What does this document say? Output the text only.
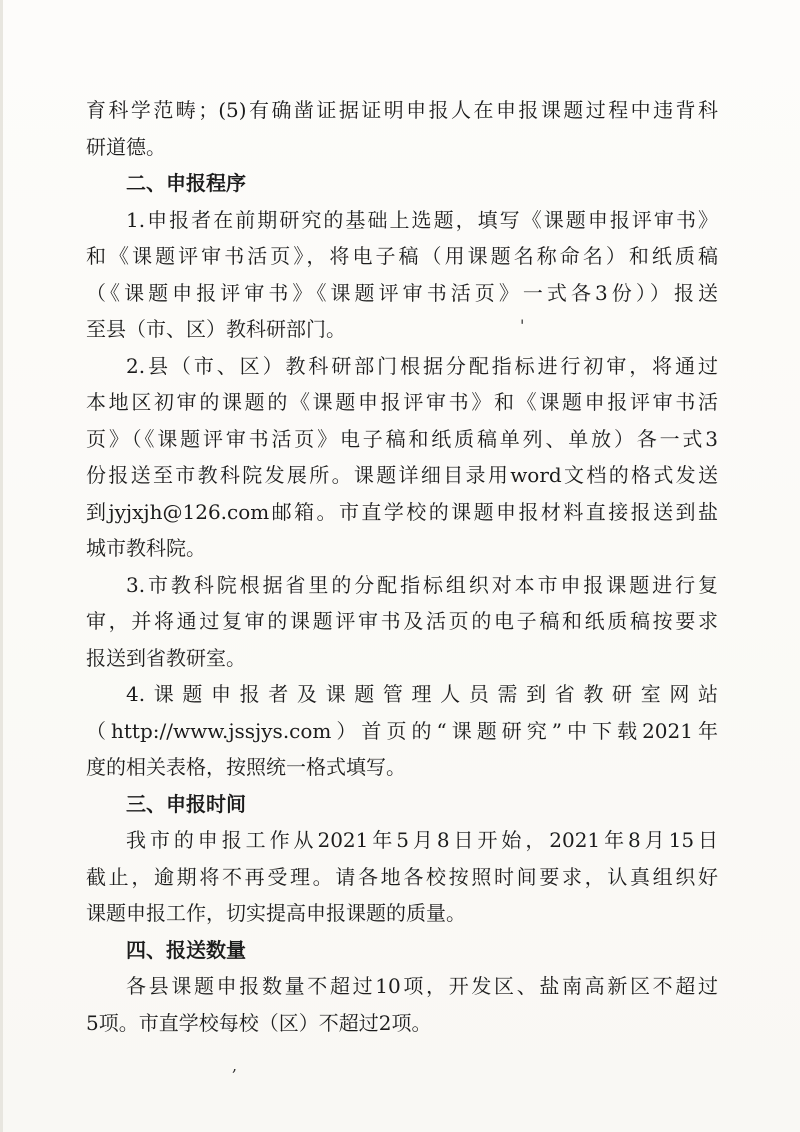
育科学范畴；(5)有确凿证据证明申报人在申报课题过程中违背科

研道德。

二、申报程序

1.申报者在前期研究的基础上选题，填写《课题申报评审书》

和《课题评审书活页》，将电子稿（用课题名称命名）和纸质稿

（《课题申报评审书》《课题评审书活页》一式各3份））报送

至县（市、区）教科研部门。

2.县（市、区）教科研部门根据分配指标进行初审，将通过

本地区初审的课题的《课题申报评审书》和《课题申报评审书活

页》（《课题评审书活页》电子稿和纸质稿单列、单放）各一式3

份报送至市教科院发展所。课题详细目录用word文档的格式发送

到jyjxjh@126.com邮箱。市直学校的课题申报材料直接报送到盐

城市教科院。

3.市教科院根据省里的分配指标组织对本市申报课题进行复

审，并将通过复审的课题评审书及活页的电子稿和纸质稿按要求

报送到省教研室。

4.课题申报者及课题管理人员需到省教研室网站

（http://www.jssjys.com）首页的“课题研究”中下载2021年

度的相关表格，按照统一格式填写。

三、申报时间

我市的申报工作从2021年5月8日开始，2021年8月15日

截止，逾期将不再受理。请各地各校按照时间要求，认真组织好

课题申报工作，切实提高申报课题的质量。

四、报送数量

各县课题申报数量不超过10项，开发区、盐南高新区不超过

5项。市直学校每校（区）不超过2项。

'
,
